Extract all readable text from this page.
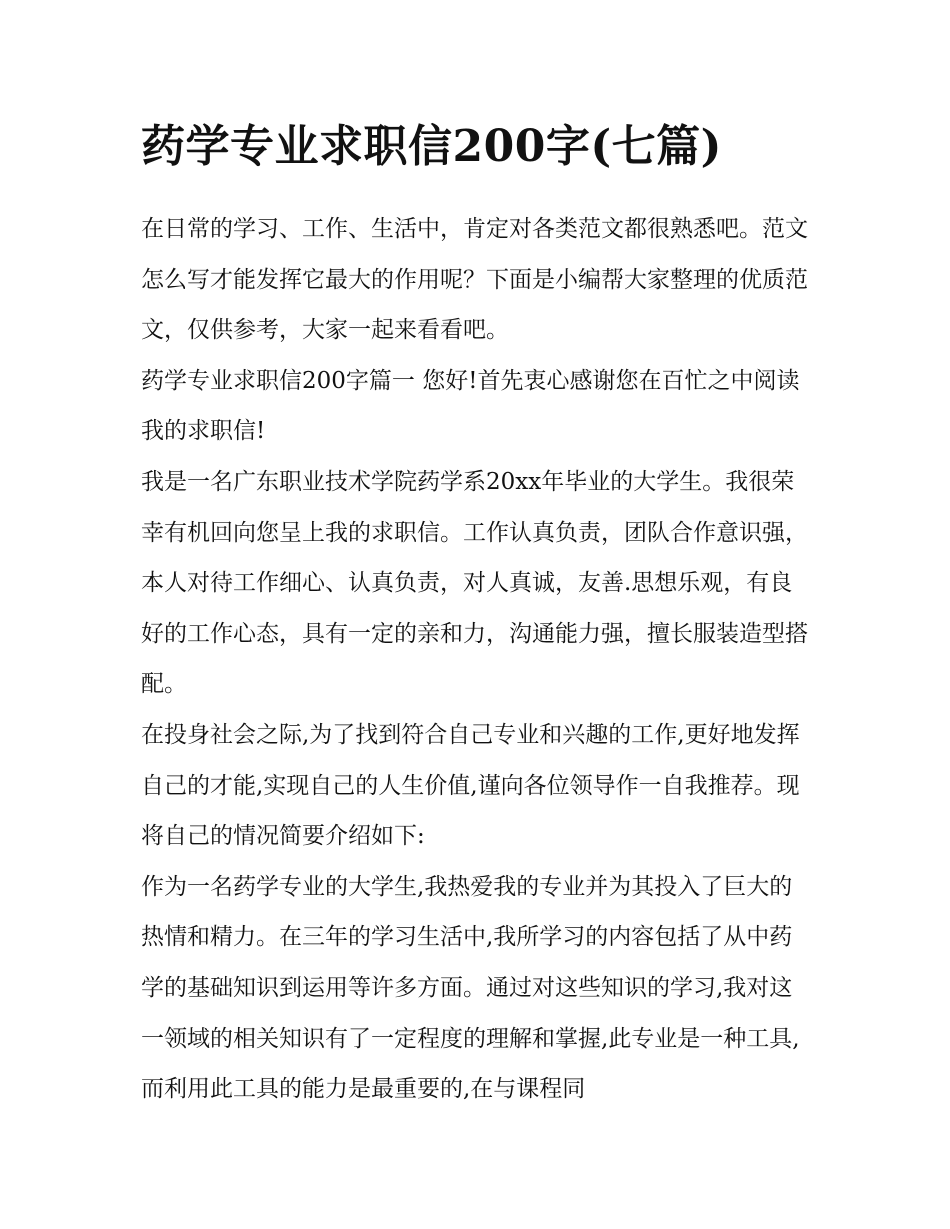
药学专业求职信200字(七篇)

在日常的学习、工作、生活中，肯定对各类范文都很熟悉吧。范文怎么写才能发挥它最大的作用呢？下面是小编帮大家整理的优质范文，仅供参考，大家一起来看看吧。

药学专业求职信200字篇一 您好!首先衷心感谢您在百忙之中阅读我的求职信!

我是一名广东职业技术学院药学系20xx年毕业的大学生。我很荣幸有机回向您呈上我的求职信。工作认真负责，团队合作意识强，本人对待工作细心、认真负责，对人真诚，友善.思想乐观，有良好的工作心态，具有一定的亲和力，沟通能力强，擅长服装造型搭配。

在投身社会之际,为了找到符合自己专业和兴趣的工作,更好地发挥自己的才能,实现自己的人生价值,谨向各位领导作一自我推荐。现将自己的情况简要介绍如下:

作为一名药学专业的大学生,我热爱我的专业并为其投入了巨大的热情和精力。在三年的学习生活中,我所学习的内容包括了从中药学的基础知识到运用等许多方面。通过对这些知识的学习,我对这一领域的相关知识有了一定程度的理解和掌握,此专业是一种工具,而利用此工具的能力是最重要的,在与课程同
